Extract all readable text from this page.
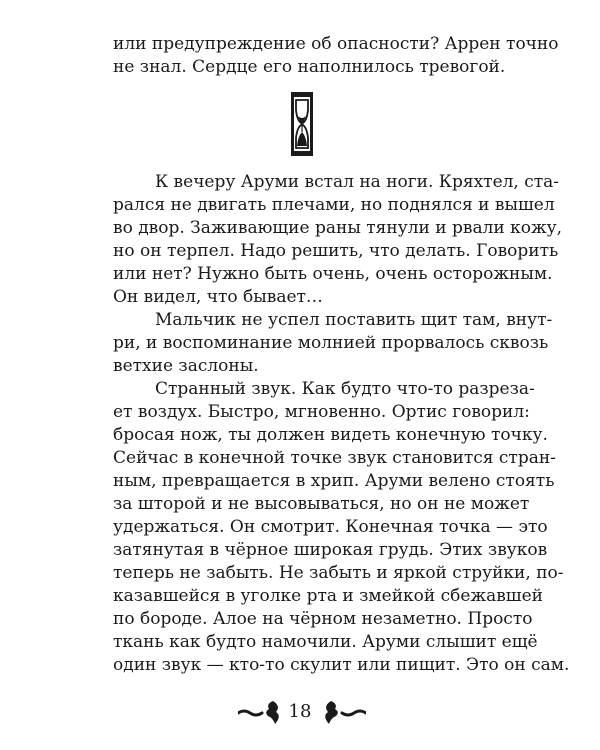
или предупреждение об опасности? Аррен точно
не знал. Сердце его наполнилось тревогой.
К вечеру Аруми встал на ноги. Кряхтел, ста-
рался не двигать плечами, но поднялся и вышел
во двор. Заживающие раны тянули и рвали кожу,
но он терпел. Надо решить, что делать. Говорить
или нет? Нужно быть очень, очень осторожным.
Он видел, что бывает…
Мальчик не успел поставить щит там, внут-
ри, и воспоминание молнией прорвалось сквозь
ветхие заслоны.
Странный звук. Как будто что-то разреза-
ет воздух. Быстро, мгновенно. Ортис говорил:
бросая нож, ты должен видеть конечную точку.
Сейчас в конечной точке звук становится стран-
ным, превращается в хрип. Аруми велено стоять
за шторой и не высовываться, но он не может
удержаться. Он смотрит. Конечная точка — это
затянутая в чёрное широкая грудь. Этих звуков
теперь не забыть. Не забыть и яркой струйки, по-
казавшейся в уголке рта и змейкой сбежавшей
по бороде. Алое на чёрном незаметно. Просто
ткань как будто намочили. Аруми слышит ещё
один звук — кто-то скулит или пищит. Это он сам.
18
